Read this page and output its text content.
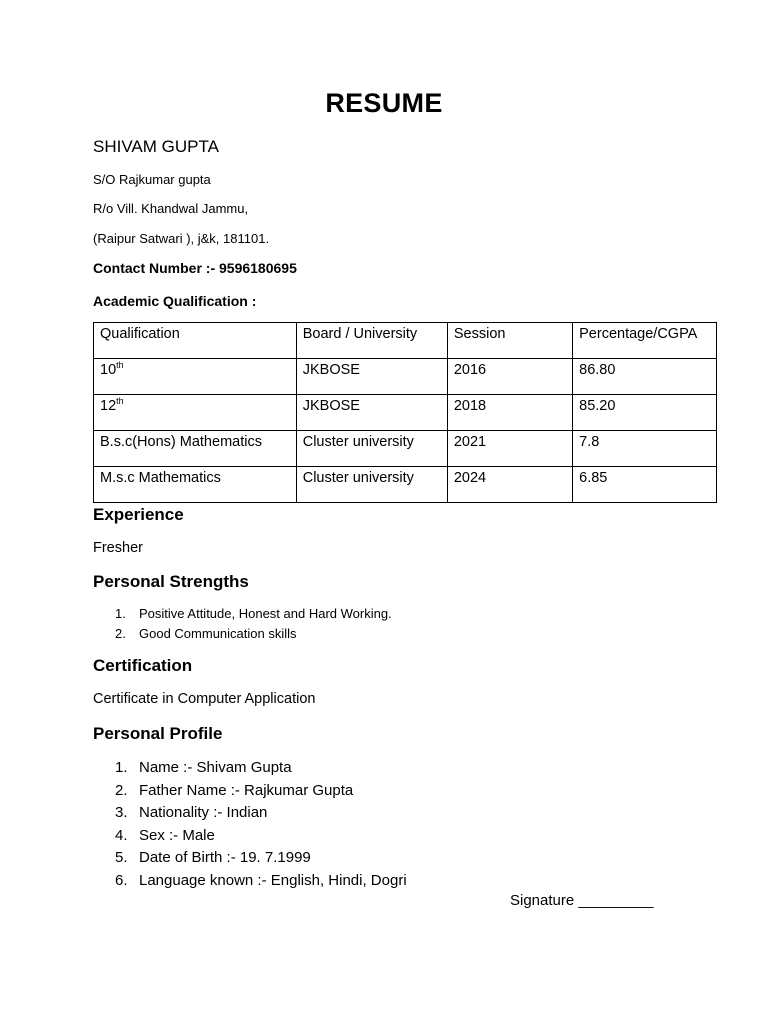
RESUME
SHIVAM GUPTA
S/O Rajkumar gupta
R/o Vill. Khandwal Jammu,
(Raipur Satwari ), j&k, 181101.
Contact Number :- 9596180695
Academic Qualification :
Qualification	Board / University	Session	Percentage/CGPA
10th	JKBOSE	2016	86.80
12th	JKBOSE	2018	85.20
B.s.c(Hons) Mathematics	Cluster university	2021	7.8
M.s.c Mathematics	Cluster university	2024	6.85
Experience
Fresher
Personal Strengths
1. Positive Attitude, Honest and Hard Working.
2. Good Communication skills
Certification
Certificate in Computer Application
Personal Profile
1. Name :- Shivam Gupta
2. Father Name :- Rajkumar Gupta
3. Nationality :- Indian
4. Sex :- Male
5. Date of Birth :- 19. 7.1999
6. Language known :- English, Hindi, Dogri
Signature _________
